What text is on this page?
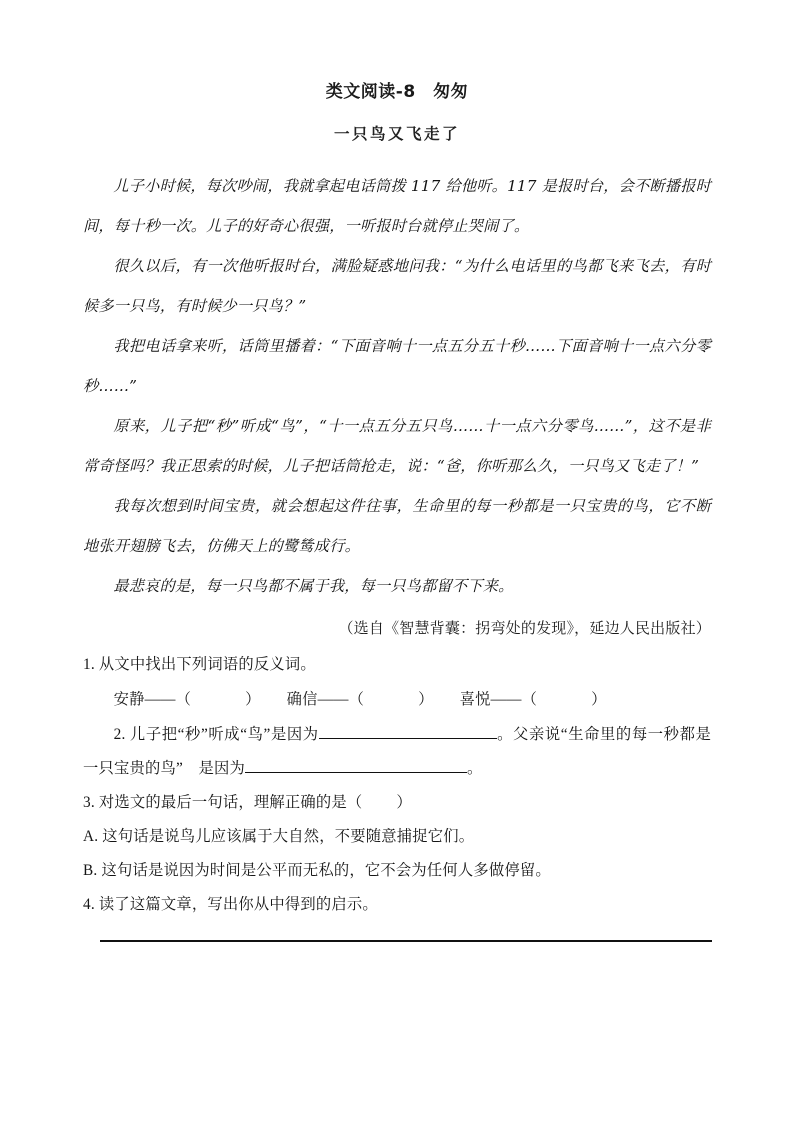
类文阅读-8　匆匆
一只鸟又飞走了

儿子小时候，每次吵闹，我就拿起电话筒拨 117 给他听。117 是报时台，会不断播报时间，每十秒一次。儿子的好奇心很强，一听报时台就停止哭闹了。

很久以后，有一次他听报时台，满脸疑惑地问我：“为什么电话里的鸟都飞来飞去，有时候多一只鸟，有时候少一只鸟？”

我把电话拿来听，话筒里播着：“下面音响十一点五分五十秒……下面音响十一点六分零秒……”

原来，儿子把“秒”听成“鸟”，“十一点五分五只鸟……十一点六分零鸟……”，这不是非常奇怪吗？我正思索的时候，儿子把话筒抢走，说：“爸，你听那么久，一只鸟又飞走了！”

我每次想到时间宝贵，就会想起这件往事，生命里的每一秒都是一只宝贵的鸟，它不断地张开翅膀飞去，仿佛天上的鹭鸶成行。

最悲哀的是，每一只鸟都不属于我，每一只鸟都留不下来。

（选自《智慧背囊：拐弯处的发现》，延边人民出版社）

1. 从文中找出下列词语的反义词。

安静——（	） 确信——（	） 喜悦——（	）

2. 儿子把“秒”听成“鸟”是因为	。父亲说“生命里的每一秒都是一只宝贵的鸟”　是因为	。

3. 对选文的最后一句话，理解正确的是（ ）

A. 这句话是说鸟儿应该属于大自然，不要随意捕捉它们。

B. 这句话是说因为时间是公平而无私的，它不会为任何人多做停留。

4. 读了这篇文章，写出你从中得到的启示。
